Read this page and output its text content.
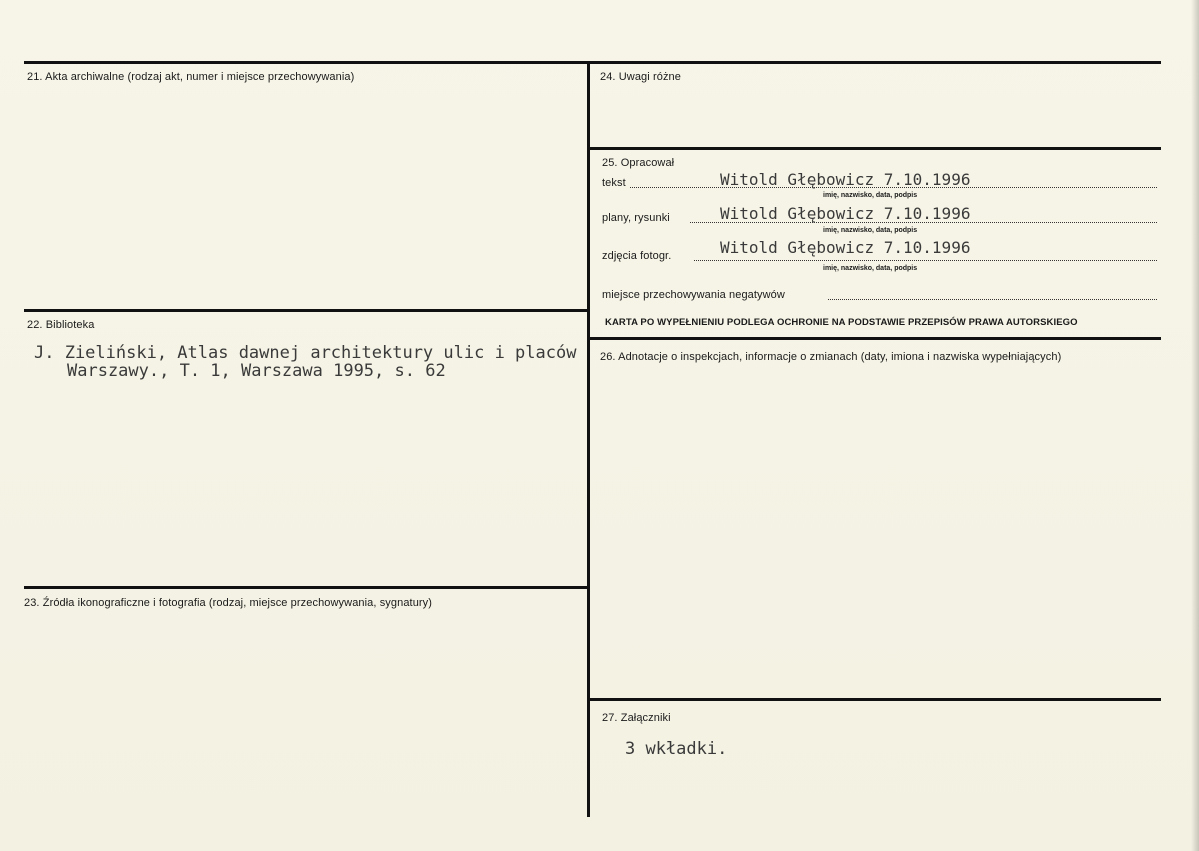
21. Akta archiwalne (rodzaj akt, numer i miejsce przechowywania)
22. Biblioteka
J. Zieliński, Atlas dawnej architektury ulic i placów
Warszawy., T. 1, Warszawa 1995, s. 62
23. Źródła ikonograficzne i fotografia (rodzaj, miejsce przechowywania, sygnatury)
24. Uwagi różne
25. Opracował
tekst	Witold Głębowicz 7.10.1996
imię, nazwisko, data, podpis
plany, rysunki	Witold Głębowicz 7.10.1996
imię, nazwisko, data, podpis
zdjęcia fotogr.	Witold Głębowicz 7.10.1996
imię, nazwisko, data, podpis
miejsce przechowywania negatywów
KARTA PO WYPEŁNIENIU PODLEGA OCHRONIE NA PODSTAWIE PRZEPISÓW PRAWA AUTORSKIEGO
26. Adnotacje o inspekcjach, informacje o zmianach (daty, imiona i nazwiska wypełniających)
27. Załączniki
3 wkładki.
